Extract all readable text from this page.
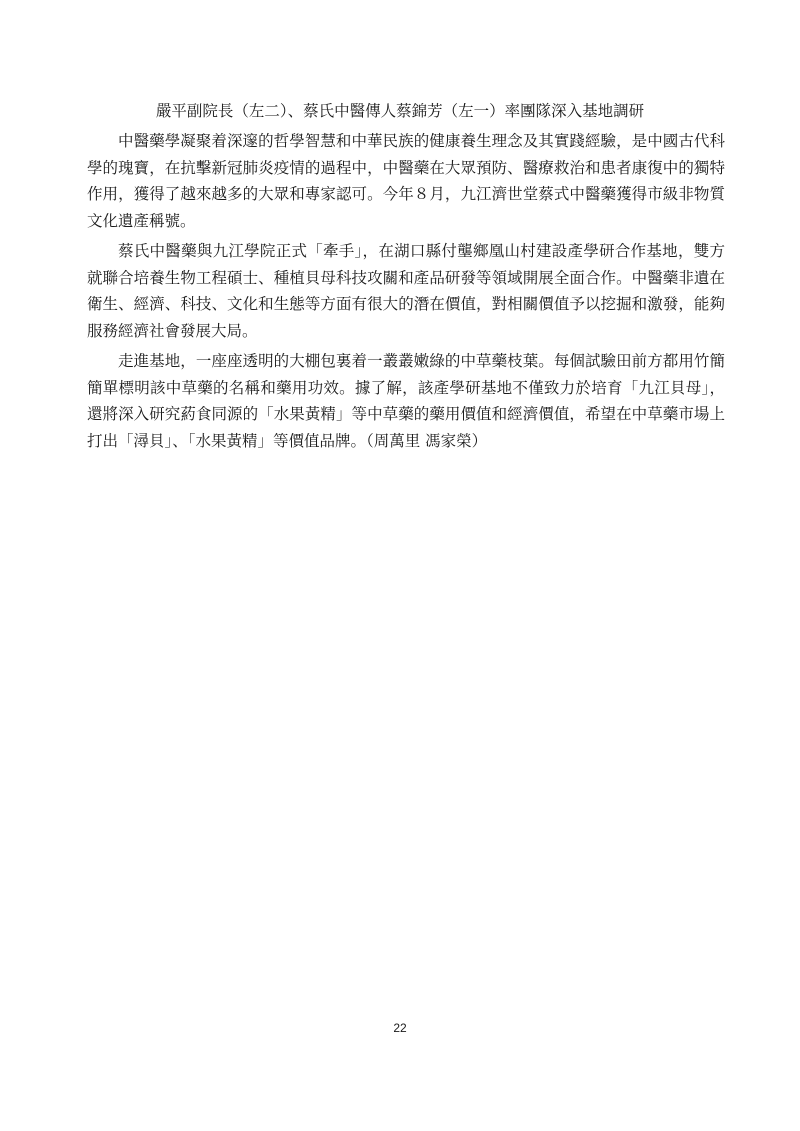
嚴平副院長（左二）、蔡氏中醫傳人蔡錦芳（左一）率團隊深入基地調研

中醫藥學凝聚着深邃的哲學智慧和中華民族的健康養生理念及其實踐經驗，是中國古代科學的瑰寶，在抗擊新冠肺炎疫情的過程中，中醫藥在大眾預防、醫療救治和患者康復中的獨特作用，獲得了越來越多的大眾和專家認可。今年８月，九江濟世堂蔡式中醫藥獲得市級非物質文化遺產稱號。

蔡氏中醫藥與九江學院正式「牽手」，在湖口縣付壟鄉凰山村建設產學研合作基地，雙方就聯合培養生物工程碩士、種植貝母科技攻關和產品研發等領域開展全面合作。中醫藥非遺在衛生、經濟、科技、文化和生態等方面有很大的潛在價值，對相關價值予以挖掘和激發，能夠服務經濟社會發展大局。

走進基地，一座座透明的大棚包裏着一叢叢嫩綠的中草藥枝葉。每個試驗田前方都用竹簡簡單標明該中草藥的名稱和藥用功效。據了解，該產學研基地不僅致力於培育「九江貝母」，還將深入研究葯食同源的「水果黃精」等中草藥的藥用價值和經濟價值，希望在中草藥市場上打出「潯貝」、「水果黃精」等價值品牌。（周萬里 馮家榮）

22
